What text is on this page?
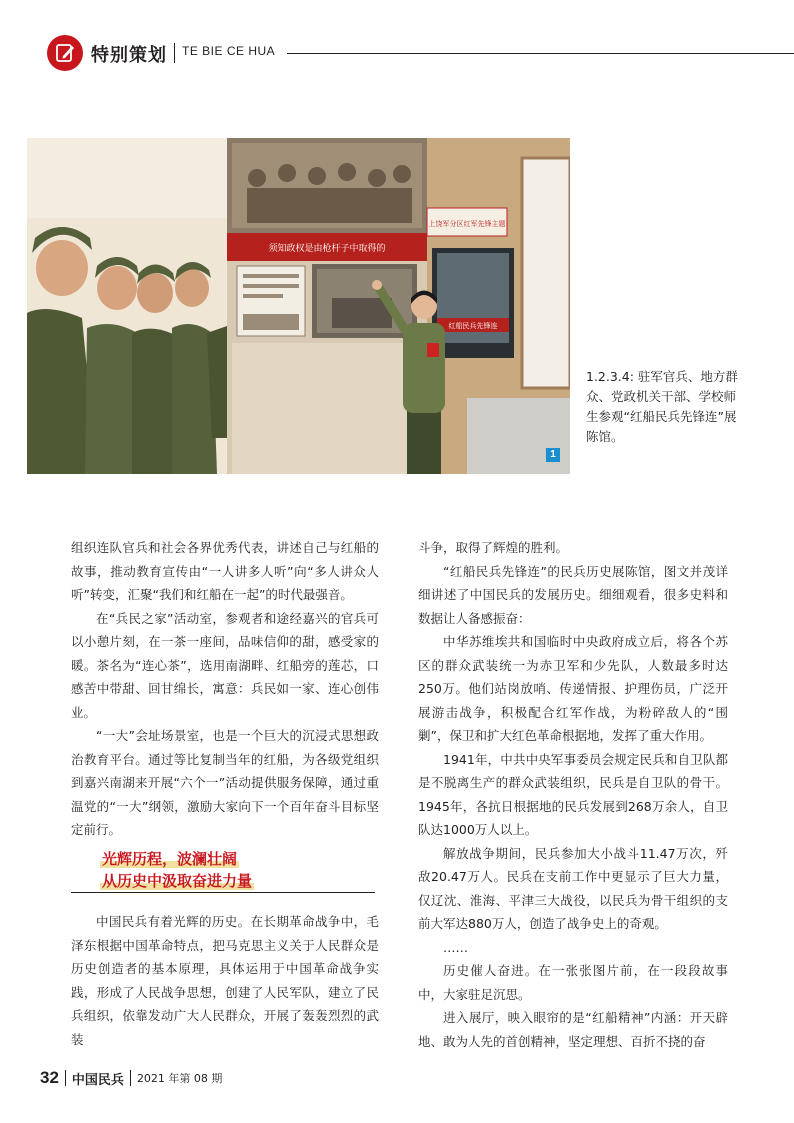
特别策划 TE BIE CE HUA
须知政权是由枪杆子中取得的
上饶军分区红军先锋主题
红船民兵先锋连
1

1.2.3.4: 驻军官兵、地方群众、党政机关干部、学校师生参观“红船民兵先锋连”展陈馆。

组织连队官兵和社会各界优秀代表，讲述自己与红船的故事，推动教育宣传由“一人讲多人听”向“多人讲众人听”转变，汇聚“我们和红船在一起”的时代最强音。

在“兵民之家”活动室，参观者和途经嘉兴的官兵可以小憩片刻，在一茶一座间，品味信仰的甜，感受家的暖。茶名为“连心茶”，选用南湖畔、红船旁的莲芯，口感苦中带甜、回甘绵长，寓意：兵民如一家、连心创伟业。

“一大”会址场景室，也是一个巨大的沉浸式思想政治教育平台。通过等比复制当年的红船，为各级党组织到嘉兴南湖来开展“六个一”活动提供服务保障，通过重温党的“一大”纲领，激励大家向下一个百年奋斗目标坚定前行。

光辉历程，波澜壮阔
从历史中汲取奋进力量

中国民兵有着光辉的历史。在长期革命战争中，毛泽东根据中国革命特点，把马克思主义关于人民群众是历史创造者的基本原理，具体运用于中国革命战争实践，形成了人民战争思想，创建了人民军队，建立了民兵组织，依靠发动广大人民群众，开展了轰轰烈烈的武装

斗争，取得了辉煌的胜利。

“红船民兵先锋连”的民兵历史展陈馆，图文并茂详细讲述了中国民兵的发展历史。细细观看，很多史料和数据让人备感振奋：

中华苏维埃共和国临时中央政府成立后，将各个苏区的群众武装统一为赤卫军和少先队，人数最多时达250万。他们站岗放哨、传递情报、护理伤员，广泛开展游击战争，积极配合红军作战，为粉碎敌人的“围剿”，保卫和扩大红色革命根据地，发挥了重大作用。

1941年，中共中央军事委员会规定民兵和自卫队都是不脱离生产的群众武装组织，民兵是自卫队的骨干。1945年，各抗日根据地的民兵发展到268万余人，自卫队达1000万人以上。

解放战争期间，民兵参加大小战斗11.47万次，歼敌20.47万人。民兵在支前工作中更显示了巨大力量，仅辽沈、淮海、平津三大战役，以民兵为骨干组织的支前大军达880万人，创造了战争史上的奇观。

……

历史催人奋进。在一张张图片前，在一段段故事中，大家驻足沉思。

进入展厅，映入眼帘的是“红船精神”内涵：开天辟地、敢为人先的首创精神，坚定理想、百折不挠的奋

32 中国民兵 2021 年第 08 期
